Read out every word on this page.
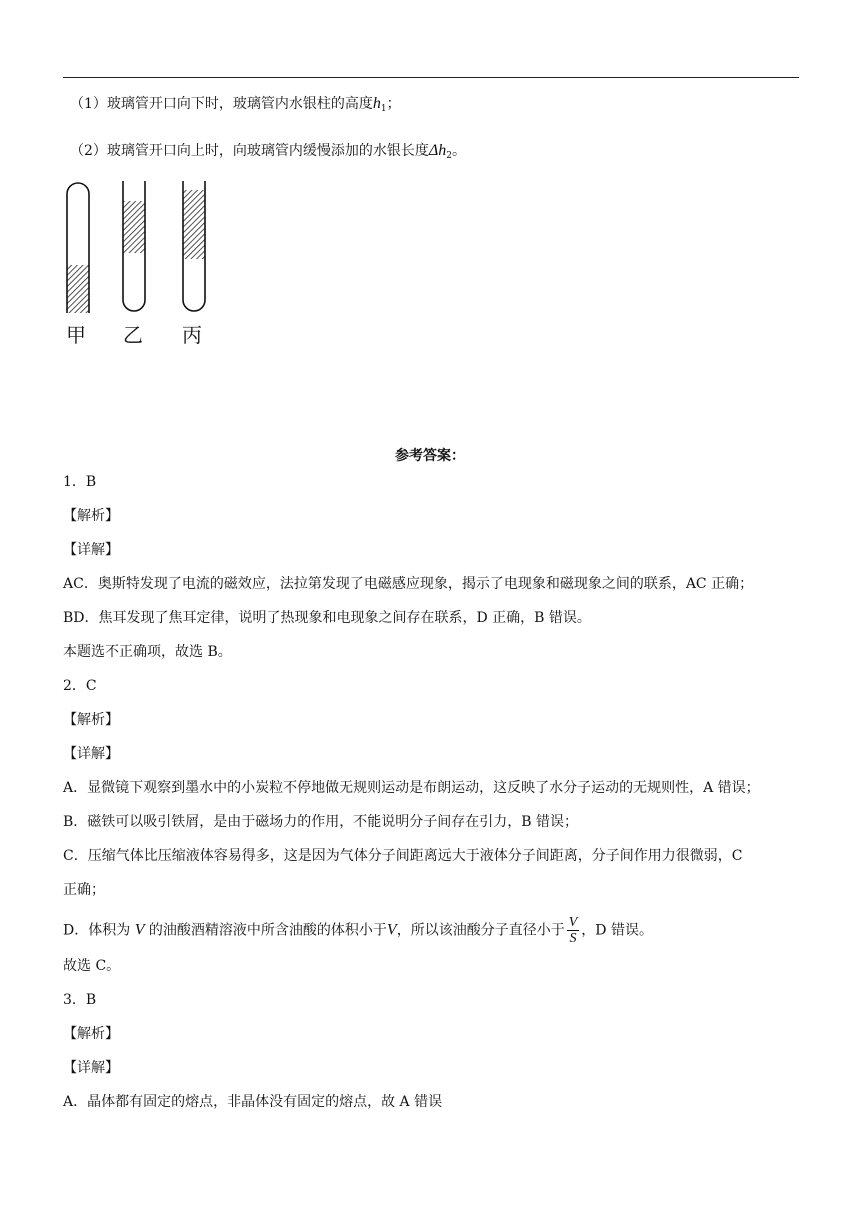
（1）玻璃管开口向下时，玻璃管内水银柱的高度$h_1$；
（2）玻璃管开口向上时，向玻璃管内缓慢添加的水银长度$\Delta h_2$。
甲 乙 丙
参考答案：
1．B
【解析】
【详解】
AC．奥斯特发现了电流的磁效应，法拉第发现了电磁感应现象，揭示了电现象和磁现象之间的联系，AC 正确；
BD．焦耳发现了焦耳定律，说明了热现象和电现象之间存在联系，D 正确，B 错误。
本题选不正确项，故选 B。
2．C
【解析】
【详解】
A．显微镜下观察到墨水中的小炭粒不停地做无规则运动是布朗运动，这反映了水分子运动的无规则性，A 错误；
B．磁铁可以吸引铁屑，是由于磁场力的作用，不能说明分子间存在引力，B 错误；
C．压缩气体比压缩液体容易得多，这是因为气体分子间距离远大于液体分子间距离，分子间作用力很微弱，C
正确；
D．体积为 V 的油酸酒精溶液中所含油酸的体积小于V，所以该油酸分子直径小于 $\frac{V}{S}$ ，D 错误。
故选 C。
3．B
【解析】
【详解】
A．晶体都有固定的熔点，非晶体没有固定的熔点，故 A 错误
